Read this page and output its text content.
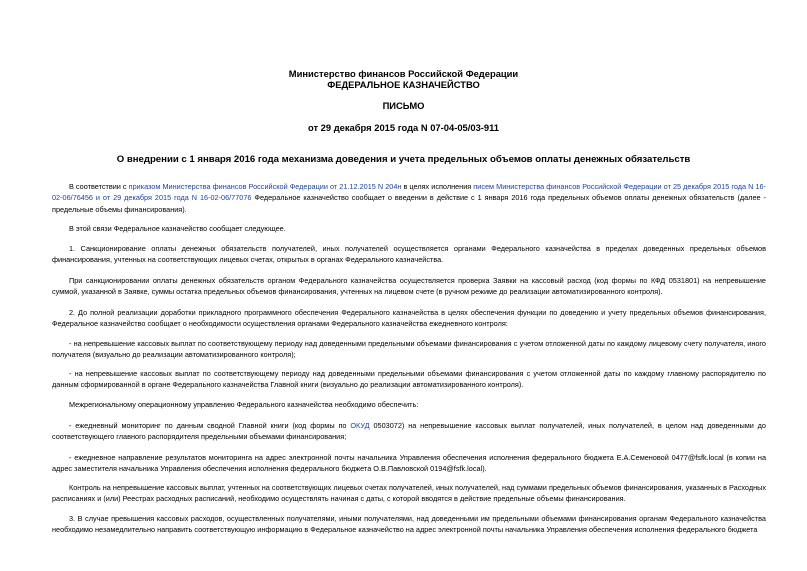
Министерство финансов Российской Федерации
ФЕДЕРАЛЬНОЕ КАЗНАЧЕЙСТВО
ПИСЬМО
от 29 декабря 2015 года N 07-04-05/03-911
О внедрении с 1 января 2016 года механизма доведения и учета предельных объемов оплаты денежных обязательств

В соответствии с приказом Министерства финансов Российской Федерации от 21.12.2015 N 204н в целях исполнения писем Министерства финансов Российской Федерации от 25 декабря 2015 года N 16-02-06/76456 и от 29 декабря 2015 года N 16-02-06/77076 Федеральное казначейство сообщает о введении в действие с 1 января 2016 года предельных объемов оплаты денежных обязательств (далее - предельные объемы финансирования).

В этой связи Федеральное казначейство сообщает следующее.

1. Санкционирование оплаты денежных обязательств получателей, иных получателей осуществляется органами Федерального казначейства в пределах доведенных предельных объемов финансирования, учтенных на соответствующих лицевых счетах, открытых в органах Федерального казначейства.

При санкционировании оплаты денежных обязательств органом Федерального казначейства осуществляется проверка Заявки на кассовый расход (код формы по КФД 0531801) на непревышение суммой, указанной в Заявке, суммы остатка предельных объемов финансирования, учтенных на лицевом счете (в ручном режиме до реализации автоматизированного контроля).

2. До полной реализации доработки прикладного программного обеспечения Федерального казначейства в целях обеспечения функции по доведению и учету предельных объемов финансирования, Федеральное казначейство сообщает о необходимости осуществления органами Федерального казначейства ежедневного контроля:

- на непревышение кассовых выплат по соответствующему периоду над доведенными предельными объемами финансирования с учетом отложенной даты по каждому лицевому счету получателя, иного получателя (визуально до реализации автоматизированного контроля);

- на непревышение кассовых выплат по соответствующему периоду над доведенными предельными объемами финансирования с учетом отложенной даты по каждому главному распорядителю по данным сформированной в органе Федерального казначейства Главной книги (визуально до реализации автоматизированного контроля).

Межрегиональному операционному управлению Федерального казначейства необходимо обеспечить:

- ежедневный мониторинг по данным сводной Главной книги (код формы по ОКУД 0503072) на непревышение кассовых выплат получателей, иных получателей, в целом над доведенными до соответствующего главного распорядителя предельными объемами финансирования;

- ежедневное направление результатов мониторинга на адрес электронной почты начальника Управления обеспечения исполнения федерального бюджета Е.А.Семеновой 0477@fsfk.local (в копии на адрес заместителя начальника Управления обеспечения исполнения федерального бюджета О.В.Павловской 0194@fsfk.local).

Контроль на непревышение кассовых выплат, учтенных на соответствующих лицевых счетах получателей, иных получателей, над суммами предельных объемов финансирования, указанных в Расходных расписаниях и (или) Реестрах расходных расписаний, необходимо осуществлять начиная с даты, с которой вводятся в действие предельные объемы финансирования.

3. В случае превышения кассовых расходов, осуществленных получателями, иными получателями, над доведенными им предельными объемами финансирования органам Федерального казначейства необходимо незамедлительно направить соответствующую информацию в Федеральное казначейство на адрес электронной почты начальника Управления обеспечения исполнения федерального бюджета
